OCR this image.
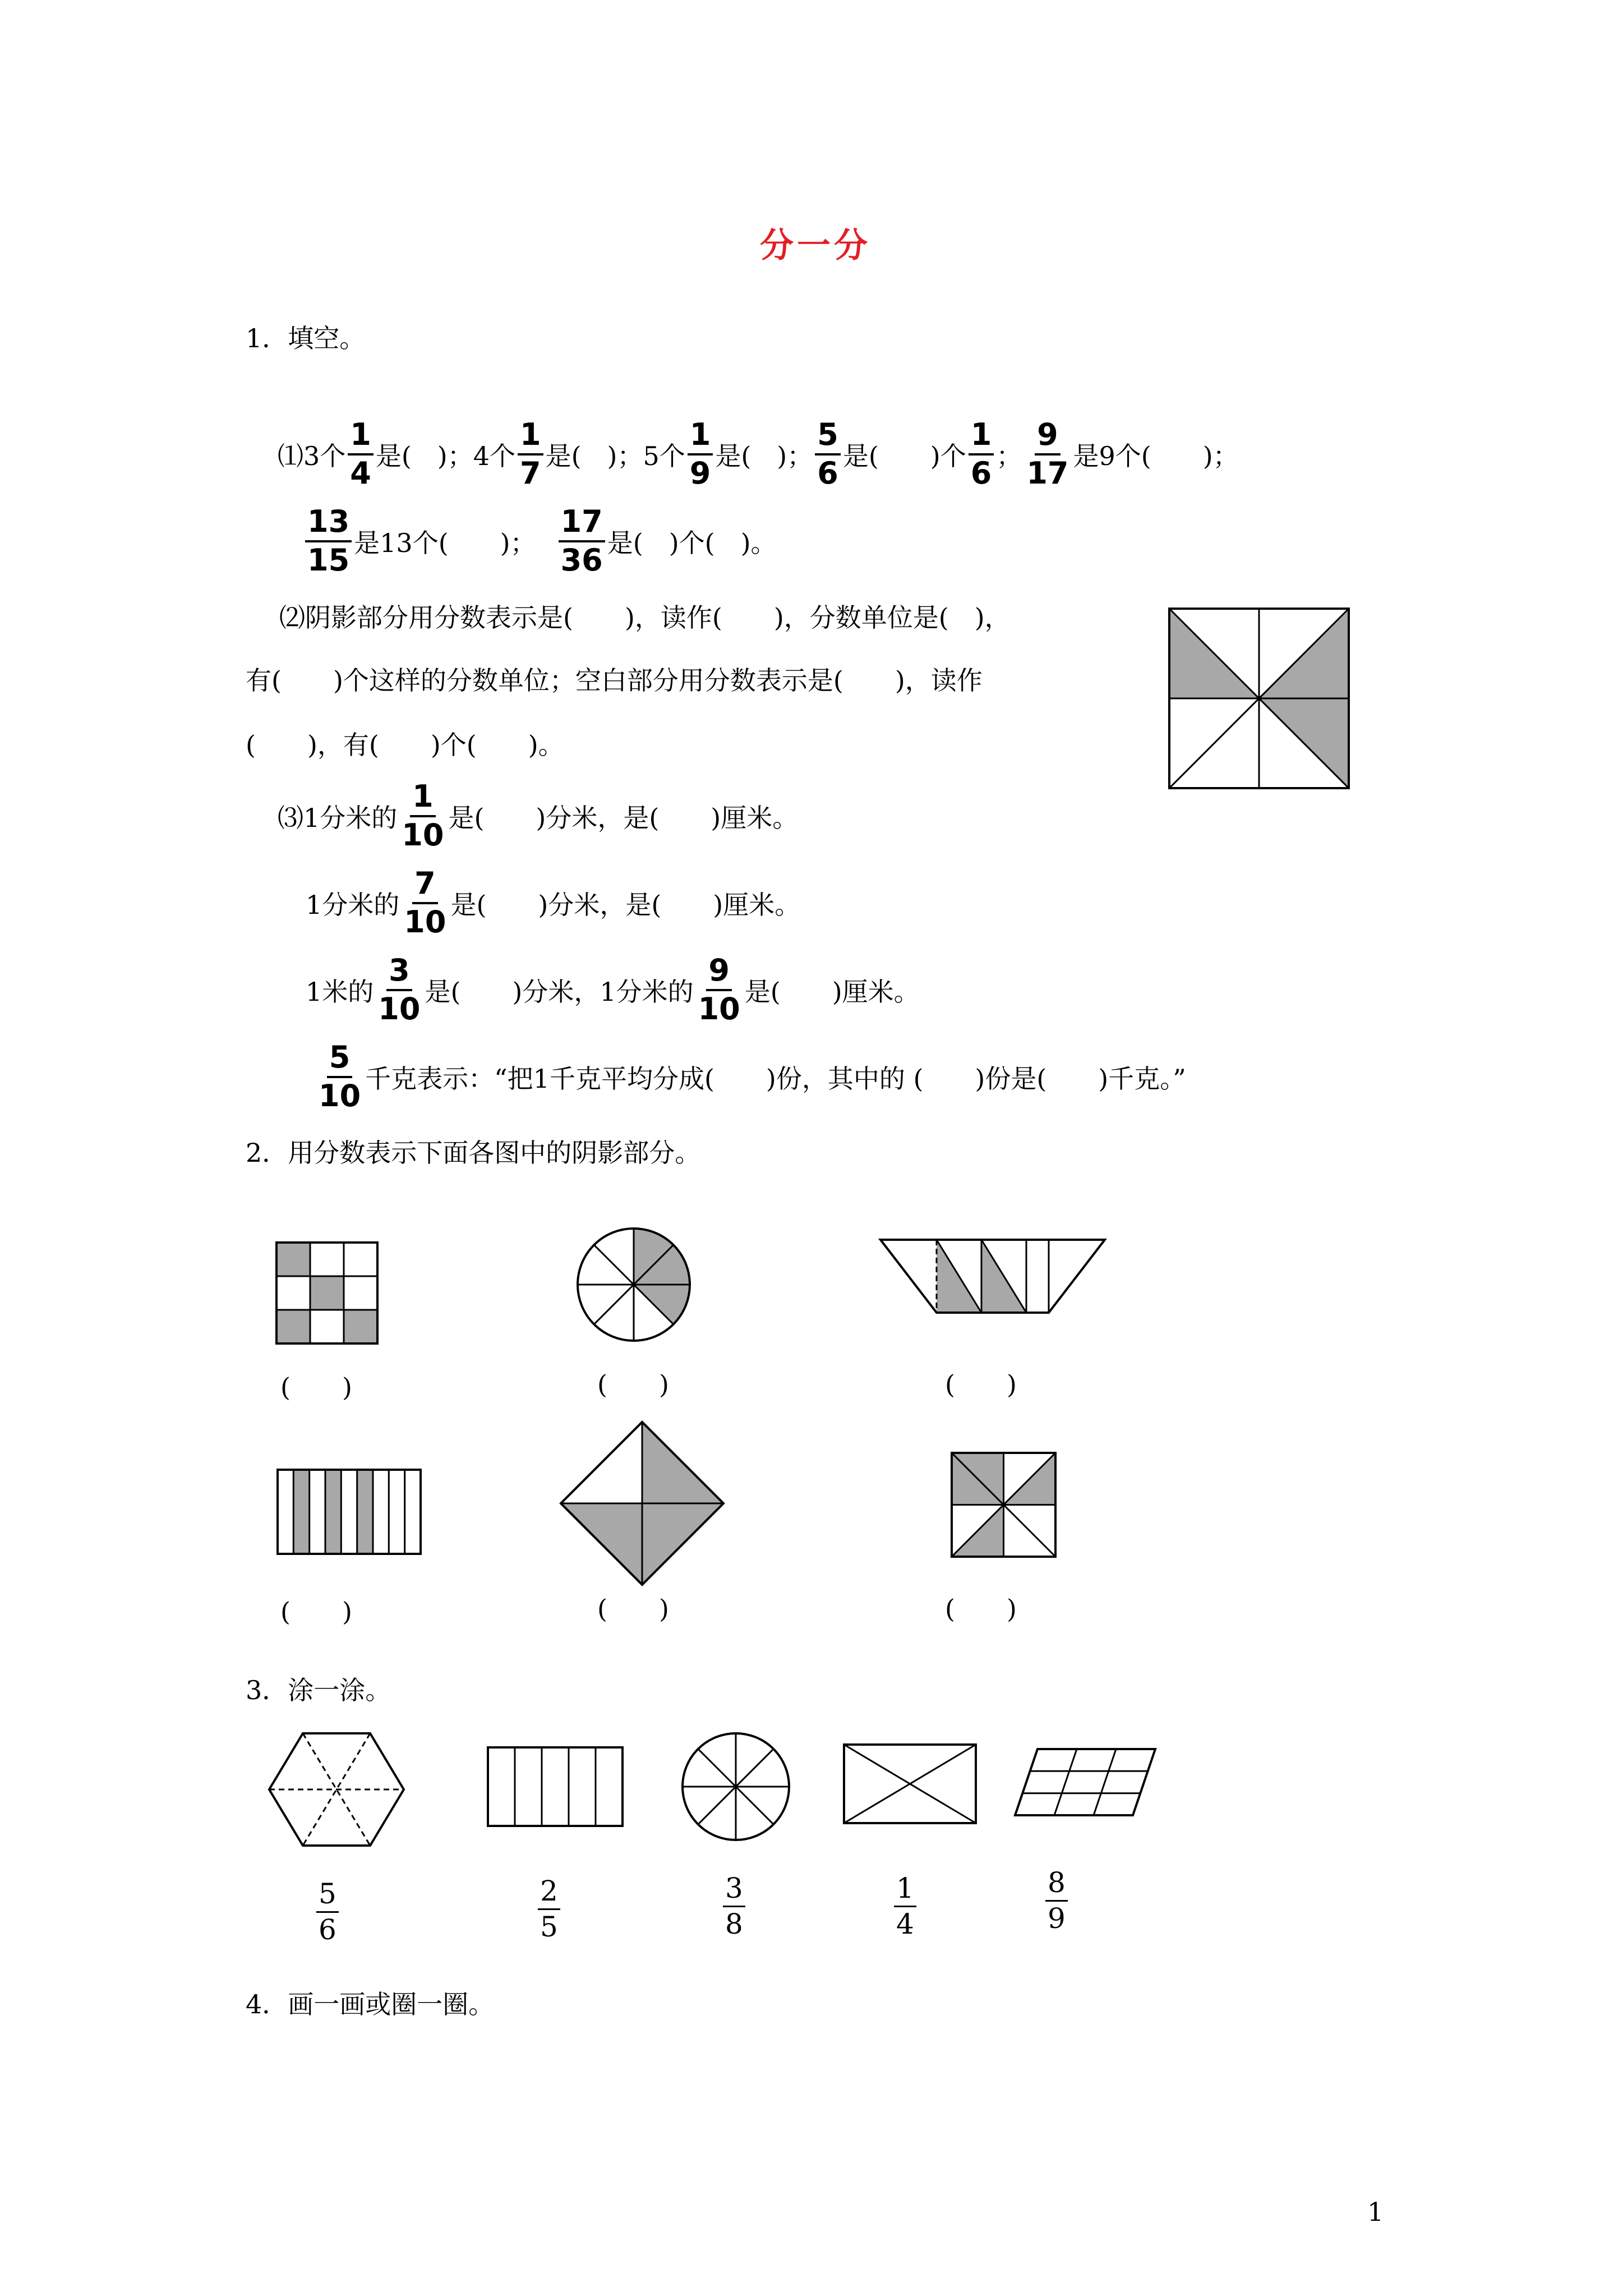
分一分
1．填空。
⑴3个 $\frac{1}{4}$ 是(　)；4个 $\frac{1}{7}$ 是(　)；5个 $\frac{1}{9}$ 是(　)； $\frac{5}{6}$ 是(　　)个 $\frac{1}{6}$ ； $\frac{9}{17}$ 是9个(　　)；
$\frac{13}{15}$ 是13个(　　)； $\frac{17}{36}$ 是(　)个(　)。
⑵阴影部分用分数表示是(　　)，读作(　　)，分数单位是(　)，
有(　　)个这样的分数单位；空白部分用分数表示是(　　)，读作
(　　)，有(　　)个(　　)。
⑶1分米的 $\frac{1}{10}$ 是(　　)分米，是(　　)厘米。
1分米的 $\frac{7}{10}$ 是(　　)分米，是(　　)厘米。
1米的 $\frac{3}{10}$ 是(　　)分米，1分米的 $\frac{9}{10}$ 是(　　)厘米。
$\frac{5}{10}$ 千克表示：“把1千克平均分成(　　)份，其中的 (　　)份是(　　)千克。”
2．用分数表示下面各图中的阴影部分。
(　　)	(　　)	(　　)
(　　)	(　　)	(　　)
3．涂一涂。
$\frac{5}{6}$	$\frac{2}{5}$	$\frac{3}{8}$	$\frac{1}{4}$	$\frac{8}{9}$
4．画一画或圈一圈。
1
